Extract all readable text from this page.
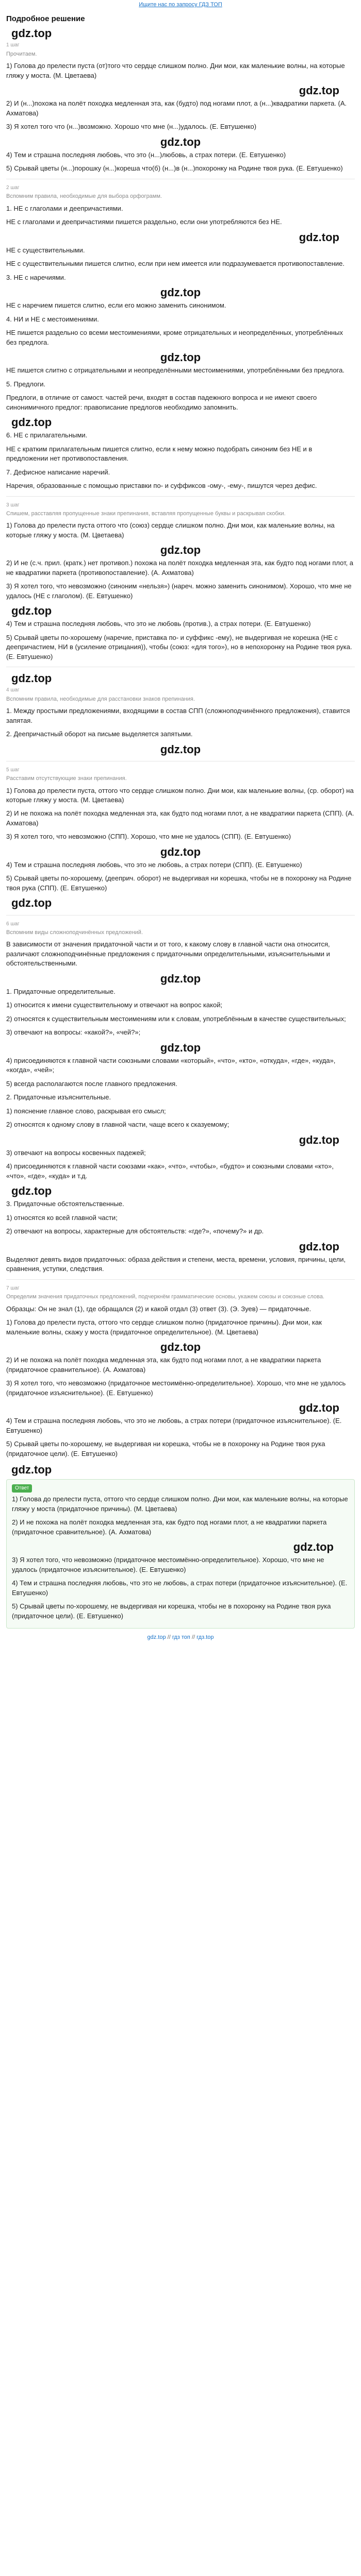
Ищите нас по запросу ГДЗ ТОП
Подробное решение
gdz.top
1 шаг
Прочитаем.

1) Голова до прелести пуста (от)того что сердце слишком полно. Дни мои, как маленькие волны, на которые гляжу у моста. (М. Цветаева)

gdz.top

2) И (н...)похожа на полёт походка медленная эта, как (будто) под ногами плот, а (н...)квадратики паркета. (А. Ахматова)

3) Я хотел того что (н...)возможно. Хорошо что мне (н...)удалось. (Е. Евтушенко)

gdz.top

4) Тем и страшна последняя любовь, что это (н...)любовь, а страх потери. (Е. Евтушенко)

5) Срывай цветы (н...)порошку (н...)кореша что(б) (н...)в (н...)похоронку на Родине твоя рука. (Е. Евтушенко)

2 шаг
Вспомним правила, необходимые для выбора орфограмм.

1. НЕ с глаголами и деепричастиями.

НЕ с глаголами и деепричастиями пишется раздельно, если они употребляются без НЕ.

gdz.top

НЕ с существительными.

НЕ с существительными пишется слитно, если при нем имеется или подразумевается противопоставление.

3. НЕ с наречиями.

gdz.top

НЕ с наречием пишется слитно, если его можно заменить синонимом.

4. НИ и НЕ с местоимениями.

НЕ пишется раздельно со всеми местоимениями, кроме отрицательных и неопределённых, употреблённых без предлога.

gdz.top

НЕ пишется слитно с отрицательными и неопределёнными местоимениями, употреблёнными без предлога.

5. Предлоги.

Предлоги, в отличие от самост. частей речи, входят в состав падежного вопроса и не имеют своего синонимичного предлог: правописание предлогов необходимо запомнить.

gdz.top

6. НЕ с прилагательными.

НЕ с кратким прилагательным пишется слитно, если к нему можно подобрать синоним без НЕ и в предложении нет противопоставления.

7. Дефисное написание наречий.

Наречия, образованные с помощью приставки по- и суффиксов -ому-, -ему-, пишутся через дефис.

3 шаг
Спишем, расставляя пропущенные знаки препинания, вставляя пропущенные буквы и раскрывая скобки.

1) Голова до прелести пуста оттого что (союз) сердце слишком полно. Дни мои, как маленькие волны, на которые гляжу у моста. (М. Цветаева)

gdz.top

2) И не (с.ч. прил. (кратк.) нет противоп.) похожа на полёт походка медленная эта, как будто под ногами плот, а не квадратики паркета (противопоставление). (А. Ахматова)

3) Я хотел того, что невозможно (синоним «нельзя») (нареч. можно заменить синонимом). Хорошо, что мне не удалось (НЕ с глаголом). (Е. Евтушенко)

gdz.top

4) Тем и страшна последняя любовь, что это не любовь (против.), а страх потери. (Е. Евтушенко)

5) Срывай цветы по-хорошему (наречие, приставка по- и суффикс -ему), не выдергивая не корешка (НЕ с деепричастием, НИ в (усиление отрицания)), чтобы (союз: «для того»), но в непохоронку на Родине твоя рука. (Е. Евтушенко)

gdz.top
4 шаг
Вспомним правила, необходимые для расстановки знаков препинания.

1. Между простыми предложениями, входящими в состав СПП (сложноподчинённого предложения), ставится запятая.

2. Деепричастный оборот на письме выделяется запятыми.

gdz.top
5 шаг
Расставим отсутствующие знаки препинания.

1) Голова до прелести пуста, оттого что сердце слишком полно. Дни мои, как маленькие волны, (ср. оборот) на которые гляжу у моста. (М. Цветаева)

2) И не похожа на полёт походка медленная эта, как будто под ногами плот, а не квадратики паркета (СПП). (А. Ахматова)

3) Я хотел того, что невозможно (СПП). Хорошо, что мне не удалось (СПП). (Е. Евтушенко)

gdz.top

4) Тем и страшна последняя любовь, что это не любовь, а страх потери (СПП). (Е. Евтушенко)

5) Срывай цветы по-хорошему, (дееприч. оборот) не выдергивая ни корешка, чтобы не в похоронку на Родине твоя рука (СПП). (Е. Евтушенко)

gdz.top
6 шаг
Вспомним виды сложноподчинённых предложений.

В зависимости от значения придаточной части и от того, к какому слову в главной части она относится, различают сложноподчинённые предложения с придаточными определительными, изъяснительными и обстоятельственными.

gdz.top

1. Придаточные определительные.

1) относится к имени существительному и отвечают на вопрос какой;

2) относятся к существительным местоимениям или к словам, употреблённым в качестве существительных;

3) отвечают на вопросы: «какой?», «чей?»;

gdz.top

4) присоединяются к главной части союзными словами «который», «что», «кто», «откуда», «где», «куда», «когда», «чей»;

5) всегда располагаются после главного предложения.

2. Придаточные изъяснительные.

1) пояснение главное слово, раскрывая его смысл;

2) относятся к одному слову в главной части, чаще всего к сказуемому;

gdz.top

3) отвечают на вопросы косвенных падежей;

4) присоединяются к главной части союзами «как», «что», «чтобы», «будто» и союзными словами «кто», «что», «где», «куда» и т.д.

gdz.top

3. Придаточные обстоятельственные.

1) относятся ко всей главной части;

2) отвечают на вопросы, характерные для обстоятельств: «где?», «почему?» и др.

gdz.top

Выделяют девять видов придаточных: образа действия и степени, места, времени, условия, причины, цели, сравнения, уступки, следствия.

7 шаг
Определим значения придаточных предложений, подчеркнём грамматические основы, укажем союзы и союзные слова.

Образцы: Он не знал (1), где обращался (2) и какой отдал (3) ответ (3). (Э. Зуев) — придаточные.

1) Голова до прелести пуста, оттого что сердце слишком полно (придаточное причины). Дни мои, как маленькие волны, скажу у моста (придаточное определительное). (М. Цветаева)

gdz.top

2) И не похожа на полёт походка медленная эта, как будто под ногами плот, а не квадратики паркета (придаточное сравнительное). (А. Ахматова)

3) Я хотел того, что невозможно (придаточное местоимённо-определительное). Хорошо, что мне не удалось (придаточное изъяснительное). (Е. Евтушенко)

gdz.top

4) Тем и страшна последняя любовь, что это не любовь, а страх потери (придаточное изъяснительное). (Е. Евтушенко)

5) Срывай цветы по-хорошему, не выдергивая ни корешка, чтобы не в похоронку на Родине твоя рука (придаточное цели). (Е. Евтушенко)

gdz.top
Ответ

1) Голова до прелести пуста, оттого что сердце слишком полно. Дни мои, как маленькие волны, на которые гляжу у моста (придаточное причины). (М. Цветаева)

2) И не похожа на полёт походка медленная эта, как будто под ногами плот, а не квадратики паркета (придаточное сравнительное). (А. Ахматова)

gdz.top

3) Я хотел того, что невозможно (придаточное местоимённо-определительное). Хорошо, что мне не удалось (придаточное изъяснительное). (Е. Евтушенко)

4) Тем и страшна последняя любовь, что это не любовь, а страх потери (придаточное изъяснительное). (Е. Евтушенко)

5) Срывай цветы по-хорошему, не выдергивая ни корешка, чтобы не в похоронку на Родине твоя рука (придаточное цели). (Е. Евтушенко)

gdz.top // гдз топ // гдз.top
